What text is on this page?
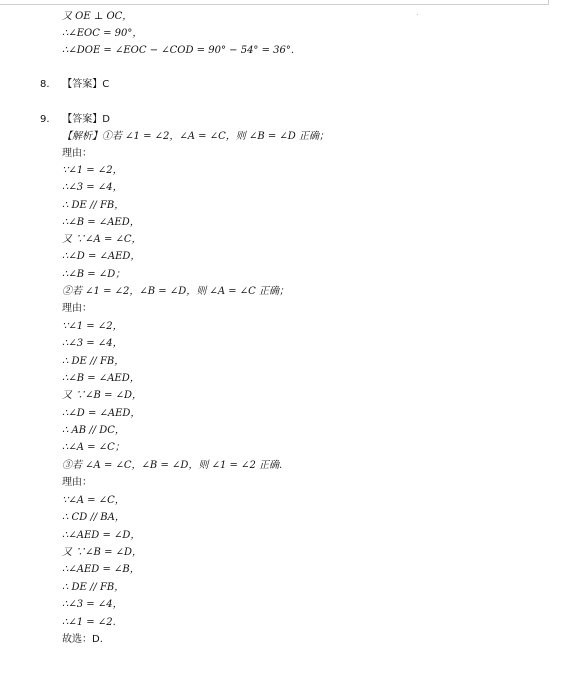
又 OE ⊥ OC，
∴∠EOC = 90°，
∴∠DOE = ∠EOC − ∠COD = 90° − 54° = 36°.
8.    【答案】C
9.    【答案】D
【解析】①若 ∠1 = ∠2，∠A = ∠C，则 ∠B = ∠D 正确；
理由：
∵∠1 = ∠2，
∴∠3 = ∠4，
∴ DE // FB，
∴∠B = ∠AED，
又 ∵∠A = ∠C，
∴∠D = ∠AED，
∴∠B = ∠D；
②若 ∠1 = ∠2，∠B = ∠D，则 ∠A = ∠C 正确；
理由：
∵∠1 = ∠2，
∴∠3 = ∠4，
∴ DE // FB，
∴∠B = ∠AED，
又 ∵∠B = ∠D，
∴∠D = ∠AED，
∴ AB // DC，
∴∠A = ∠C；
③若 ∠A = ∠C，∠B = ∠D，则 ∠1 = ∠2 正确.
理由：
∵∠A = ∠C，
∴ CD // BA，
∴∠AED = ∠D，
又 ∵∠B = ∠D，
∴∠AED = ∠B，
∴ DE // FB，
∴∠3 = ∠4，
∴∠1 = ∠2.
故选：D.
